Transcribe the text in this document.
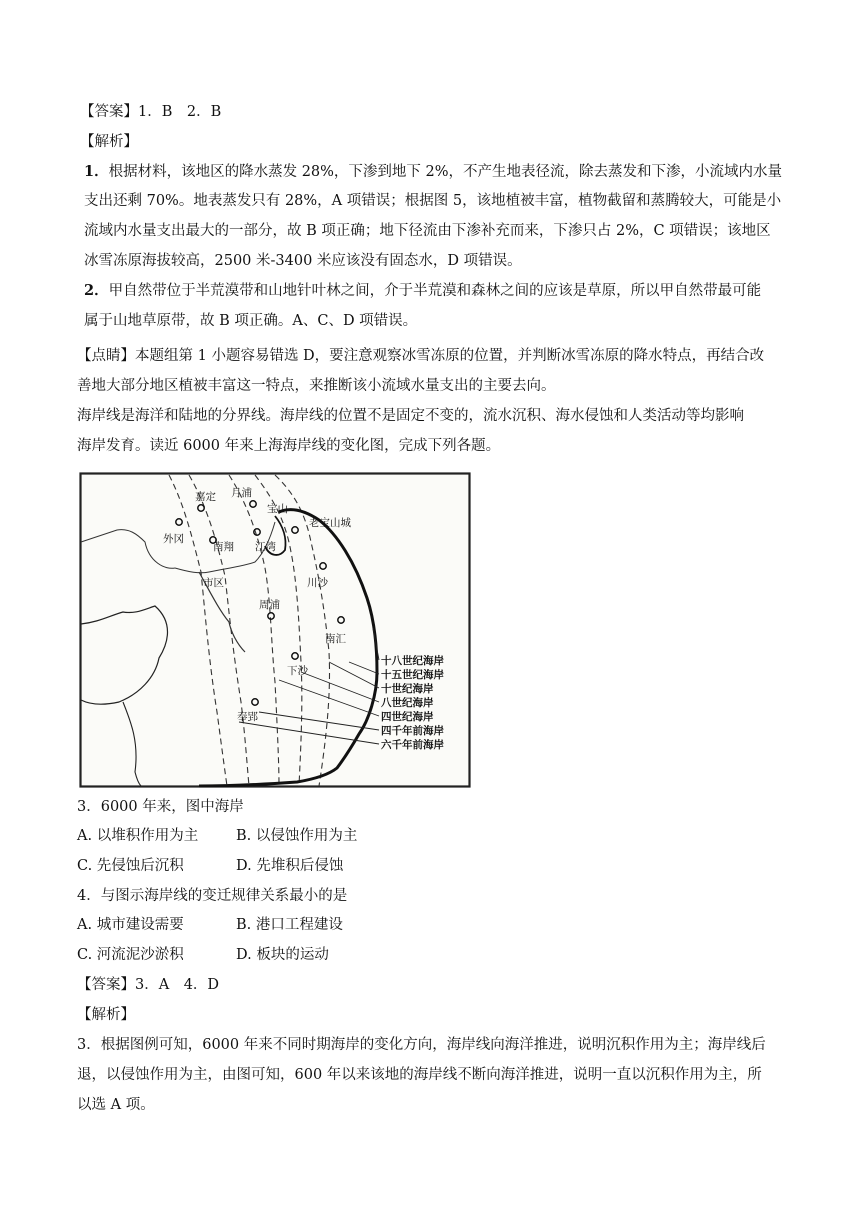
【答案】1．B　2．B
【解析】
1．根据材料，该地区的降水蒸发 28%，下渗到地下 2%，不产生地表径流，除去蒸发和下渗，小流域内水量
支出还剩 70%。地表蒸发只有 28%，A 项错误；根据图 5，该地植被丰富，植物截留和蒸腾较大，可能是小
流域内水量支出最大的一部分，故 B 项正确；地下径流由下渗补充而来，下渗只占 2%，C 项错误；该地区
冰雪冻原海拔较高，2500 米-3400 米应该没有固态水，D 项错误。
2．甲自然带位于半荒漠带和山地针叶林之间，介于半荒漠和森林之间的应该是草原，所以甲自然带最可能
属于山地草原带，故 B 项正确。A、C、D 项错误。
【点睛】本题组第 1 小题容易错选 D，要注意观察冰雪冻原的位置，并判断冰雪冻原的降水特点，再结合改
善地大部分地区植被丰富这一特点，来推断该小流域水量支出的主要去向。
海岸线是海洋和陆地的分界线。海岸线的位置不是固定不变的，流水沉积、海水侵蚀和人类活动等均影响
海岸发育。读近 6000 年来上海海岸线的变化图，完成下列各题。
嘉定 月浦
宝山
老宝山城
外冈
南翔 江湾
市区	川沙
周浦
南汇
下沙
奉郢
十八世纪海岸
十五世纪海岸
十世纪海岸
八世纪海岸
四世纪海岸
四千年前海岸
六千年前海岸
3．6000 年来，图中海岸
A. 以堆积作用为主	B. 以侵蚀作用为主
C. 先侵蚀后沉积	D. 先堆积后侵蚀
4．与图示海岸线的变迁规律关系最小的是
A. 城市建设需要	B. 港口工程建设
C. 河流泥沙淤积	D. 板块的运动
【答案】3．A　4．D
【解析】
3．根据图例可知，6000 年来不同时期海岸的变化方向，海岸线向海洋推进，说明沉积作用为主；海岸线后
退，以侵蚀作用为主，由图可知，600 年以来该地的海岸线不断向海洋推进，说明一直以沉积作用为主，所
以选 A 项。
